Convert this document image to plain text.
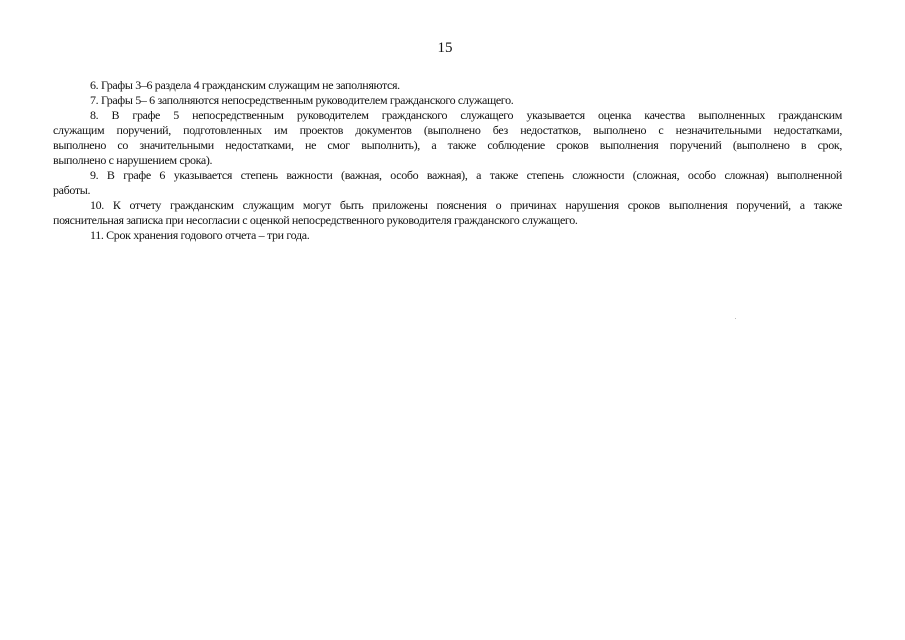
15
6. Графы 3–6 раздела 4 гражданским служащим не заполняются.
7. Графы 5– 6 заполняются непосредственным руководителем гражданского служащего.
8. В графе 5 непосредственным руководителем гражданского служащего указывается оценка качества выполненных гражданским
служащим поручений, подготовленных им проектов документов (выполнено без недостатков, выполнено с незначительными недостатками,
выполнено со значительными недостатками, не смог выполнить), а также соблюдение сроков выполнения поручений (выполнено в срок,
выполнено с нарушением срока).
9. В графе 6 указывается степень важности (важная, особо важная), а также степень сложности (сложная, особо сложная) выполненной
работы.
10. К отчету гражданским служащим могут быть приложены пояснения о причинах нарушения сроков выполнения поручений, а также
пояснительная записка при несогласии с оценкой непосредственного руководителя гражданского служащего.
11. Срок хранения годового отчета – три года.
